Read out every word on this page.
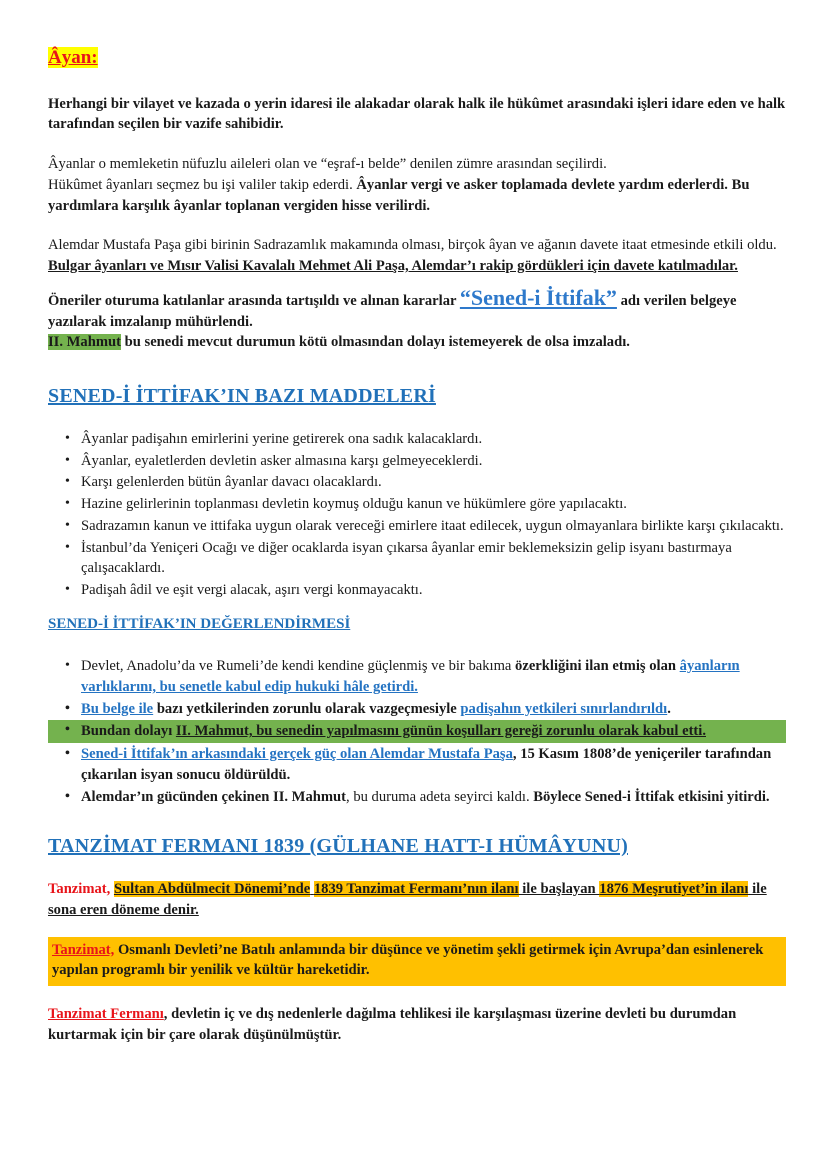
Âyan:

Herhangi bir vilayet ve kazada o yerin idaresi ile alakadar olarak halk ile hükûmet arasındaki işleri idare eden ve halk tarafından seçilen bir vazife sahibidir.

Âyanlar o memleketin nüfuzlu aileleri olan ve “eşraf-ı belde” denilen zümre arasından seçilirdi.
Hükûmet âyanları seçmez bu işi valiler takip ederdi. Âyanlar vergi ve asker toplamada devlete yardım ederlerdi. Bu yardımlara karşılık âyanlar toplanan vergiden hisse verilirdi.

Alemdar Mustafa Paşa gibi birinin Sadrazamlık makamında olması, birçok âyan ve ağanın davete itaat etmesinde etkili oldu.
Bulgar âyanları ve Mısır Valisi Kavalalı Mehmet Ali Paşa, Alemdar’ı rakip gördükleri için davete katılmadılar.

Öneriler oturuma katılanlar arasında tartışıldı ve alınan kararlar “Sened-i İttifak” adı verilen belgeye yazılarak imzalanıp mühürlendi.

II. Mahmut bu senedi mevcut durumun kötü olmasından dolayı istemeyerek de olsa imzaladı.

SENED-İ İTTİFAK’IN BAZI MADDELERİ
• Âyanlar padişahın emirlerini yerine getirerek ona sadık kalacaklardı.
• Âyanlar, eyaletlerden devletin asker almasına karşı gelmeyeceklerdi.
• Karşı gelenlerden bütün âyanlar davacı olacaklardı.
• Hazine gelirlerinin toplanması devletin koymuş olduğu kanun ve hükümlere göre yapılacaktı.
• Sadrazamın kanun ve ittifaka uygun olarak vereceği emirlere itaat edilecek, uygun olmayanlara birlikte karşı çıkılacaktı.
• İstanbul’da Yeniçeri Ocağı ve diğer ocaklarda isyan çıkarsa âyanlar emir beklemeksizin gelip isyanı bastırmaya çalışacaklardı.
• Padişah âdil ve eşit vergi alacak, aşırı vergi konmayacaktı.
SENED-İ İTTİFAK’IN DEĞERLENDİRMESİ
• Devlet, Anadolu’da ve Rumeli’de kendi kendine güçlenmiş ve bir bakıma özerkliğini ilan etmiş olan âyanların varlıklarını, bu senetle kabul edip hukuki hâle getirdi.
• Bu belge ile bazı yetkilerinden zorunlu olarak vazgeçmesiyle padişahın yetkileri sınırlandırıldı.
• Bundan dolayı II. Mahmut, bu senedin yapılmasını günün koşulları gereği zorunlu olarak kabul etti.
• Sened-i İttifak’ın arkasındaki gerçek güç olan Alemdar Mustafa Paşa, 15 Kasım 1808’de yeniçeriler tarafından çıkarılan isyan sonucu öldürüldü.
• Alemdar’ın gücünden çekinen II. Mahmut, bu duruma adeta seyirci kaldı. Böylece Sened-i İttifak etkisini yitirdi.
TANZİMAT FERMANI 1839 (GÜLHANE HATT-I HÜMÂYUNU)

Tanzimat, Sultan Abdülmecit Dönemi’nde 1839 Tanzimat Fermanı’nın ilanı ile başlayan 1876 Meşrutiyet’in ilanı ile sona eren döneme denir.

Tanzimat, Osmanlı Devleti’ne Batılı anlamında bir düşünce ve yönetim şekli getirmek için Avrupa’dan esinlenerek yapılan programlı bir yenilik ve kültür hareketidir.

Tanzimat Fermanı, devletin iç ve dış nedenlerle dağılma tehlikesi ile karşılaşması üzerine devleti bu durumdan kurtarmak için bir çare olarak düşünülmüştür.
